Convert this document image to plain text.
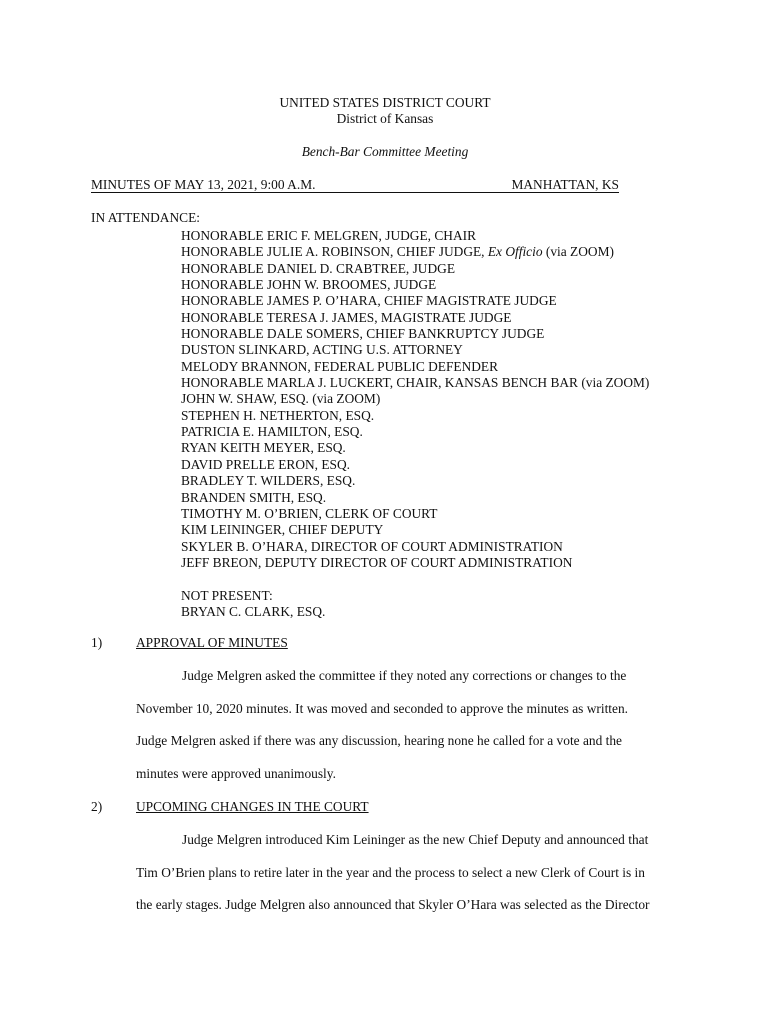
UNITED STATES DISTRICT COURT
District of Kansas
Bench-Bar Committee Meeting
MINUTES OF MAY 13, 2021, 9:00 A.M.	MANHATTAN, KS
IN ATTENDANCE:
HONORABLE ERIC F. MELGREN, JUDGE, CHAIR
HONORABLE JULIE A. ROBINSON, CHIEF JUDGE, Ex Officio (via ZOOM)
HONORABLE DANIEL D. CRABTREE, JUDGE
HONORABLE JOHN W. BROOMES, JUDGE
HONORABLE JAMES P. O’HARA, CHIEF MAGISTRATE JUDGE
HONORABLE TERESA J. JAMES, MAGISTRATE JUDGE
HONORABLE DALE SOMERS, CHIEF BANKRUPTCY JUDGE
DUSTON SLINKARD, ACTING U.S. ATTORNEY
MELODY BRANNON, FEDERAL PUBLIC DEFENDER
HONORABLE MARLA J. LUCKERT, CHAIR, KANSAS BENCH BAR (via ZOOM)
JOHN W. SHAW, ESQ. (via ZOOM)
STEPHEN H. NETHERTON, ESQ.
PATRICIA E. HAMILTON, ESQ.
RYAN KEITH MEYER, ESQ.
DAVID PRELLE ERON, ESQ.
BRADLEY T. WILDERS, ESQ.
BRANDEN SMITH, ESQ.
TIMOTHY M. O’BRIEN, CLERK OF COURT
KIM LEININGER, CHIEF DEPUTY
SKYLER B. O’HARA, DIRECTOR OF COURT ADMINISTRATION
JEFF BREON, DEPUTY DIRECTOR OF COURT ADMINISTRATION
NOT PRESENT:
BRYAN C. CLARK, ESQ.
1)	APPROVAL OF MINUTES
Judge Melgren asked the committee if they noted any corrections or changes to the
November 10, 2020 minutes. It was moved and seconded to approve the minutes as written.
Judge Melgren asked if there was any discussion, hearing none he called for a vote and the
minutes were approved unanimously.
2)	UPCOMING CHANGES IN THE COURT
Judge Melgren introduced Kim Leininger as the new Chief Deputy and announced that
Tim O’Brien plans to retire later in the year and the process to select a new Clerk of Court is in
the early stages. Judge Melgren also announced that Skyler O’Hara was selected as the Director
